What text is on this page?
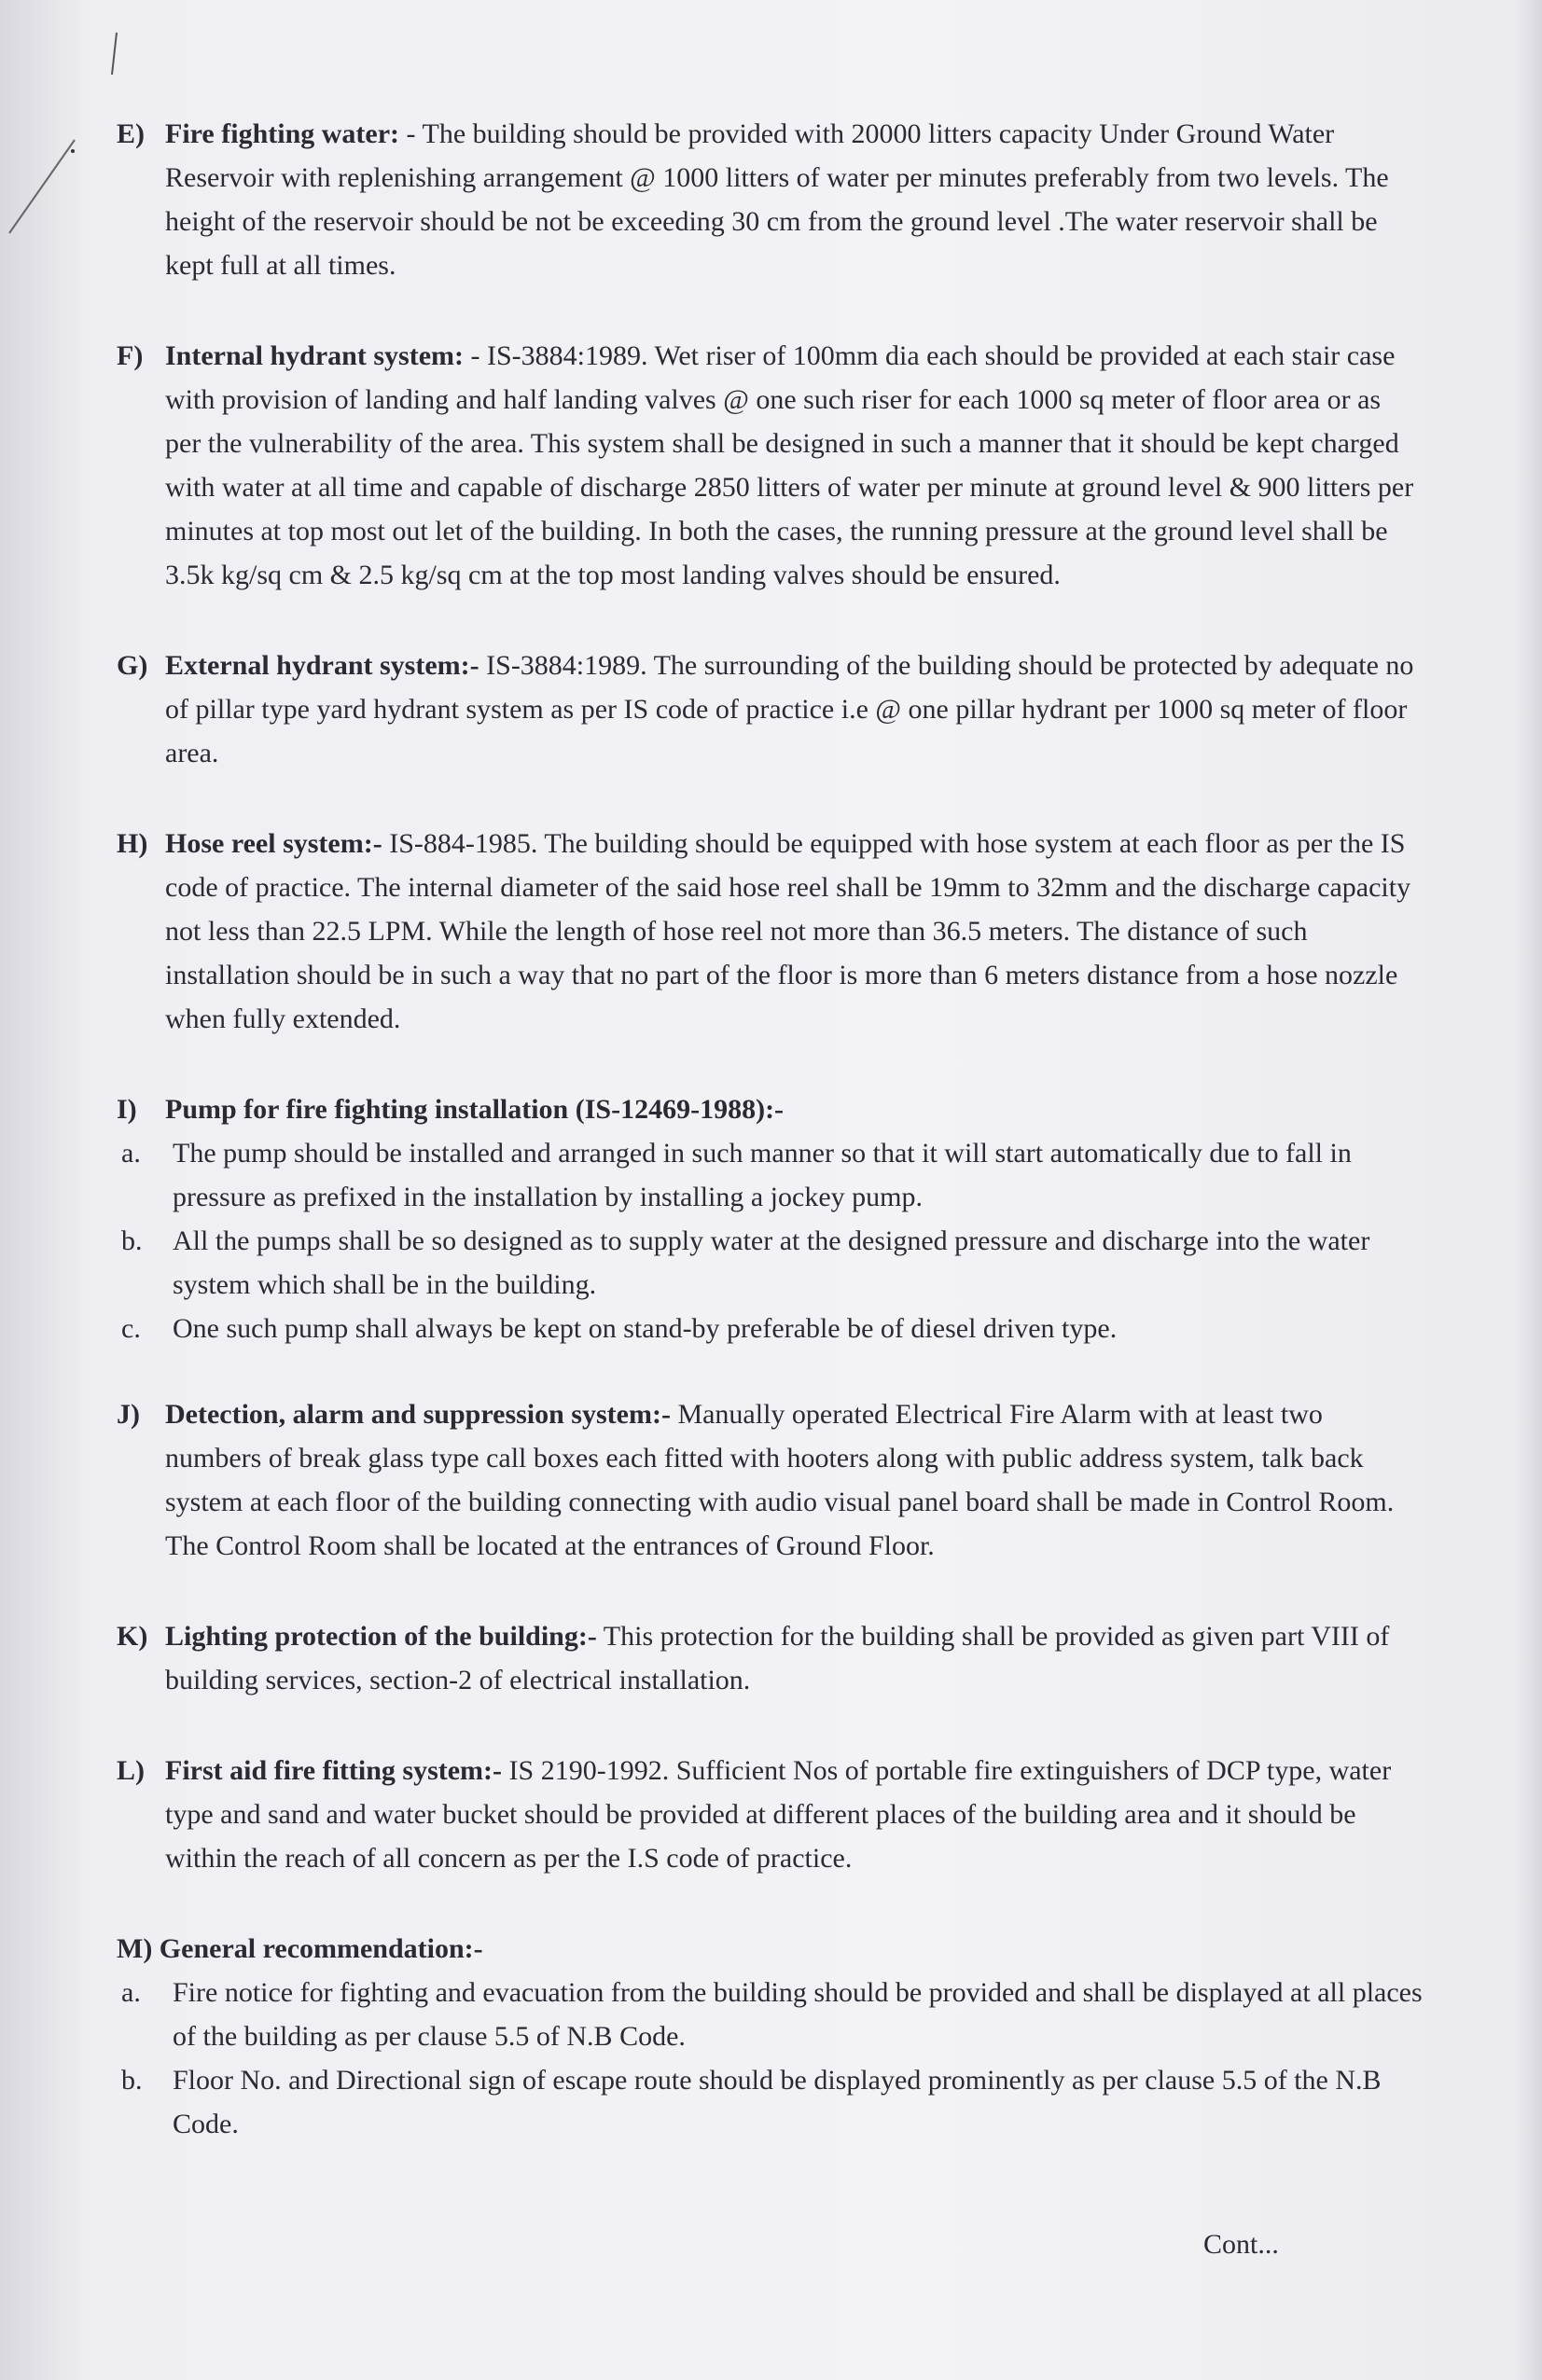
E) Fire fighting water: - The building should be provided with 20000 litters capacity Under Ground Water Reservoir with replenishing arrangement @ 1000 litters of water per minutes preferably from two levels. The height of the reservoir should be not be exceeding 30 cm from the ground level .The water reservoir shall be kept full at all times.
F) Internal hydrant system: - IS-3884:1989. Wet riser of 100mm dia each should be provided at each stair case with provision of landing and half landing valves @ one such riser for each 1000 sq meter of floor area or as per the vulnerability of the area. This system shall be designed in such a manner that it should be kept charged with water at all time and capable of discharge 2850 litters of water per minute at ground level & 900 litters per minutes at top most out let of the building. In both the cases, the running pressure at the ground level shall be 3.5k kg/sq cm & 2.5 kg/sq cm at the top most landing valves should be ensured.
G) External hydrant system:- IS-3884:1989. The surrounding of the building should be protected by adequate no of pillar type yard hydrant system as per IS code of practice i.e @ one pillar hydrant per 1000 sq meter of floor area.
H) Hose reel system:- IS-884-1985. The building should be equipped with hose system at each floor as per the IS code of practice. The internal diameter of the said hose reel shall be 19mm to 32mm and the discharge capacity not less than 22.5 LPM. While the length of hose reel not more than 36.5 meters. The distance of such installation should be in such a way that no part of the floor is more than 6 meters distance from a hose nozzle when fully extended.
I) Pump for fire fighting installation (IS-12469-1988):-
a. The pump should be installed and arranged in such manner so that it will start automatically due to fall in pressure as prefixed in the installation by installing a jockey pump.
b. All the pumps shall be so designed as to supply water at the designed pressure and discharge into the water system which shall be in the building.
c. One such pump shall always be kept on stand-by preferable be of diesel driven type.
J) Detection, alarm and suppression system:- Manually operated Electrical Fire Alarm with at least two numbers of break glass type call boxes each fitted with hooters along with public address system, talk back system at each floor of the building connecting with audio visual panel board shall be made in Control Room. The Control Room shall be located at the entrances of Ground Floor.
K) Lighting protection of the building:- This protection for the building shall be provided as given part VIII of building services, section-2 of electrical installation.
L) First aid fire fitting system:- IS 2190-1992. Sufficient Nos of portable fire extinguishers of DCP type, water type and sand and water bucket should be provided at different places of the building area and it should be within the reach of all concern as per the I.S code of practice.
M) General recommendation:-
a. Fire notice for fighting and evacuation from the building should be provided and shall be displayed at all places of the building as per clause 5.5 of N.B Code.
b. Floor No. and Directional sign of escape route should be displayed prominently as per clause 5.5 of the N.B Code.
Cont...
